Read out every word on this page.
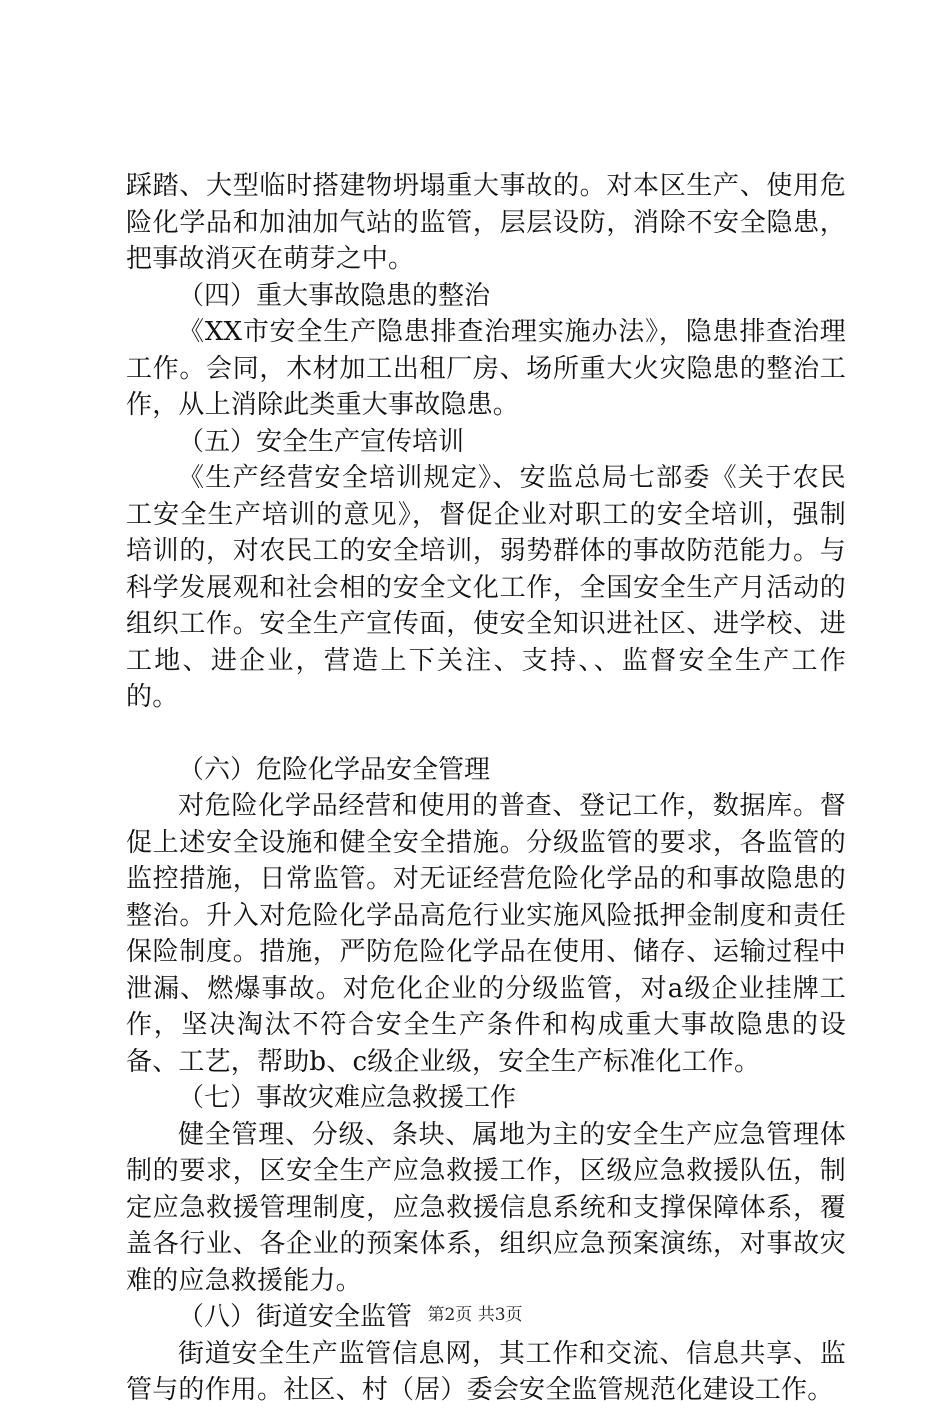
踩踏、大型临时搭建物坍塌重大事故的。对本区生产、使用危险化学品和加油加气站的监管，层层设防，消除不安全隐患，把事故消灭在萌芽之中。

（四）重大事故隐患的整治

《XX市安全生产隐患排查治理实施办法》，隐患排查治理工作。会同，木材加工出租厂房、场所重大火灾隐患的整治工作，从上消除此类重大事故隐患。

（五）安全生产宣传培训

《生产经营安全培训规定》、安监总局七部委《关于农民工安全生产培训的意见》，督促企业对职工的安全培训，强制培训的，对农民工的安全培训，弱势群体的事故防范能力。与科学发展观和社会相的安全文化工作，全国安全生产月活动的组织工作。安全生产宣传面，使安全知识进社区、进学校、进工地、进企业，营造上下关注、支持、、监督安全生产工作的。

（六）危险化学品安全管理

对危险化学品经营和使用的普查、登记工作，数据库。督促上述安全设施和健全安全措施。分级监管的要求，各监管的监控措施，日常监管。对无证经营危险化学品的和事故隐患的整治。升入对危险化学品高危行业实施风险抵押金制度和责任保险制度。措施，严防危险化学品在使用、储存、运输过程中泄漏、燃爆事故。对危化企业的分级监管，对a级企业挂牌工作，坚决淘汰不符合安全生产条件和构成重大事故隐患的设备、工艺，帮助b、c级企业级，安全生产标准化工作。

（七）事故灾难应急救援工作

健全管理、分级、条块、属地为主的安全生产应急管理体制的要求，区安全生产应急救援工作，区级应急救援队伍，制定应急救援管理制度，应急救援信息系统和支撑保障体系，覆盖各行业、各企业的预案体系，组织应急预案演练，对事故灾难的应急救援能力。

（八）街道安全监管

街道安全生产监管信息网，其工作和交流、信息共享、监管与的作用。社区、村（居）委会安全监管规范化建设工作。

第2页 共3页
